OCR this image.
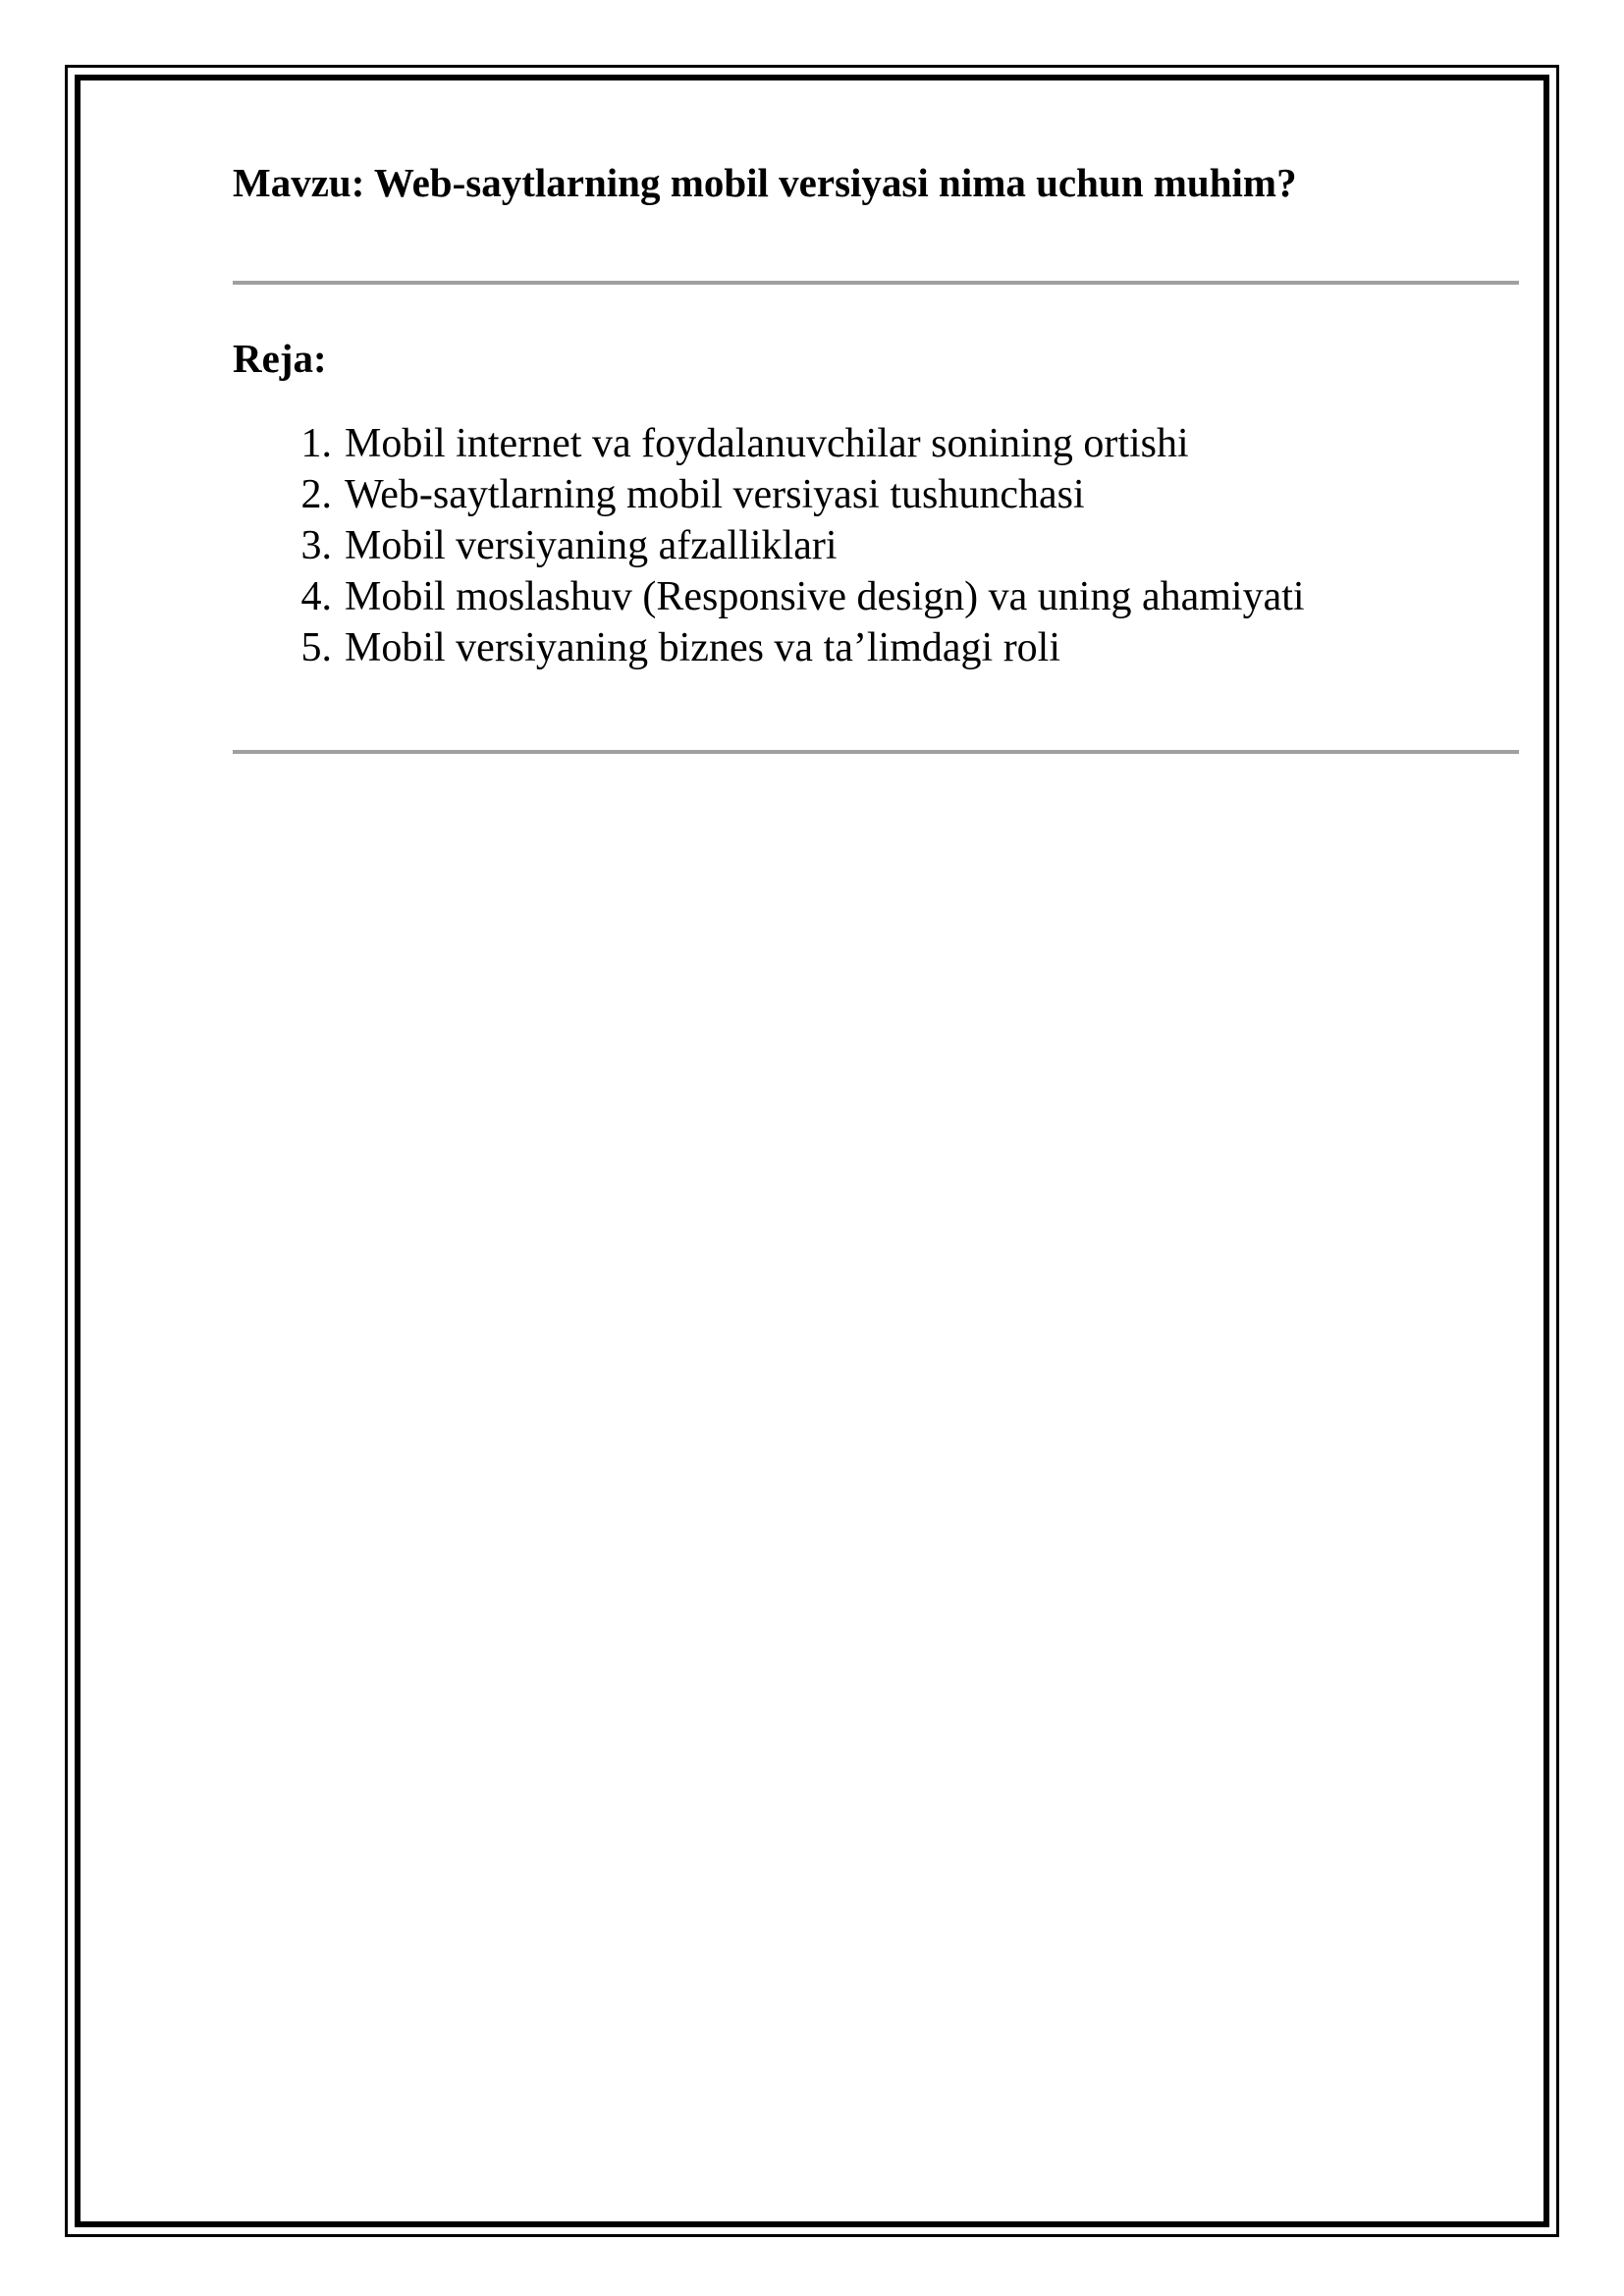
Mavzu: Web-saytlarning mobil versiyasi nima uchun muhim?
Reja:
1. Mobil internet va foydalanuvchilar sonining ortishi
2. Web-saytlarning mobil versiyasi tushunchasi
3. Mobil versiyaning afzalliklari
4. Mobil moslashuv (Responsive design) va uning ahamiyati
5. Mobil versiyaning biznes va ta’limdagi roli
